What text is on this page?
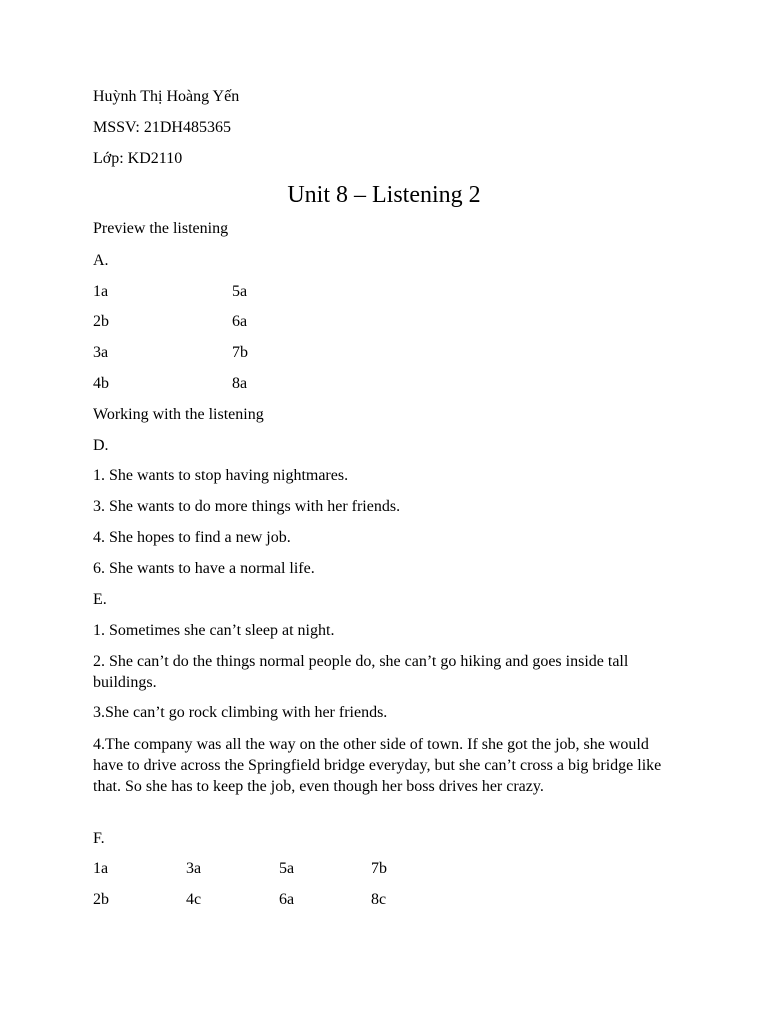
Huỳnh Thị Hoàng Yến
MSSV: 21DH485365
Lớp: KD2110
Unit 8 – Listening 2
Preview the listening
A.
1a	5a
2b	6a
3a	7b
4b	8a
Working with the listening
D.
1. She wants to stop having nightmares.
3. She wants to do more things with her friends.
4. She hopes to find a new job.
6. She wants to have a normal life.
E.
1. Sometimes she can’t sleep at night.
2. She can’t do the things normal people do, she can’t go hiking and goes inside tall buildings.
3.She can’t go rock climbing with her friends.
4.The company was all the way on the other side of town. If she got the job, she would have to drive across the Springfield bridge everyday, but she can’t cross a big bridge like that. So she has to keep the job, even though her boss drives her crazy.
F.
1a	3a	5a	7b
2b	4c	6a	8c
